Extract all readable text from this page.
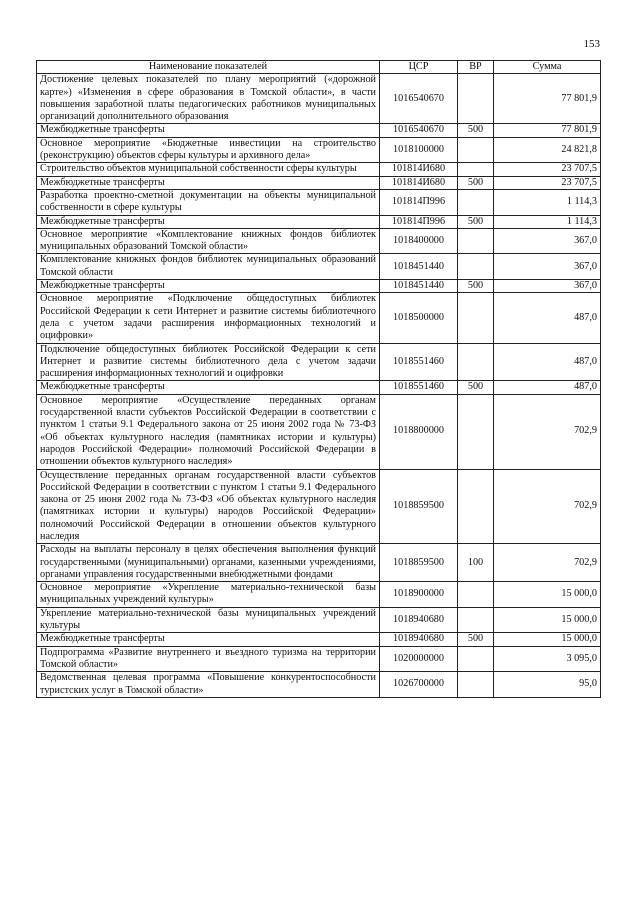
153
Наименование показателей	ЦСР	ВР	Сумма
Достижение целевых показателей по плану мероприятий («дорожной карте») «Изменения в сфере образования в Томской области», в части повышения заработной платы педагогических работников муниципальных организаций дополнительного образования	1016540670		77 801,9
Межбюджетные трансферты	1016540670	500	77 801,9
Основное мероприятие «Бюджетные инвестиции на строительство (реконструкцию) объектов сферы культуры и архивного дела»	1018100000		24 821,8
Строительство объектов муниципальной собственности сферы культуры	101814И680		23 707,5
Межбюджетные трансферты	101814И680	500	23 707,5
Разработка проектно-сметной документации на объекты муниципальной собственности в сфере культуры	101814П996		1 114,3
Межбюджетные трансферты	101814П996	500	1 114,3
Основное мероприятие «Комплектование книжных фондов библиотек муниципальных образований Томской области»	1018400000		367,0
Комплектование книжных фондов библиотек муниципальных образований Томской области	1018451440		367,0
Межбюджетные трансферты	1018451440	500	367,0
Основное мероприятие «Подключение общедоступных библиотек Российской Федерации к сети Интернет и развитие системы библиотечного дела с учетом задачи расширения информационных технологий и оцифровки»	1018500000		487,0
Подключение общедоступных библиотек Российской Федерации к сети Интернет и развитие системы библиотечного дела с учетом задачи расширения информационных технологий и оцифровки	1018551460		487,0
Межбюджетные трансферты	1018551460	500	487,0
Основное мероприятие «Осуществление переданных органам государственной власти субъектов Российской Федерации в соответствии с пунктом 1 статьи 9.1 Федерального закона от 25 июня 2002 года № 73-ФЗ «Об объектах культурного наследия (памятниках истории и культуры) народов Российской Федерации» полномочий Российской Федерации в отношении объектов культурного наследия»	1018800000		702,9
Осуществление переданных органам государственной власти субъектов Российской Федерации в соответствии с пунктом 1 статьи 9.1 Федерального закона от 25 июня 2002 года № 73-ФЗ «Об объектах культурного наследия (памятниках истории и культуры) народов Российской Федерации» полномочий Российской Федерации в отношении объектов культурного наследия	1018859500		702,9
Расходы на выплаты персоналу в целях обеспечения выполнения функций государственными (муниципальными) органами, казенными учреждениями, органами управления государственными внебюджетными фондами	1018859500	100	702,9
Основное мероприятие «Укрепление материально-технической базы муниципальных учреждений культуры»	1018900000		15 000,0
Укрепление материально-технической базы муниципальных учреждений культуры	1018940680		15 000,0
Межбюджетные трансферты	1018940680	500	15 000,0
Подпрограмма «Развитие внутреннего и въездного туризма на территории Томской области»	1020000000		3 095,0
Ведомственная целевая программа «Повышение конкурентоспособности туристских услуг в Томской области»	1026700000		95,0
